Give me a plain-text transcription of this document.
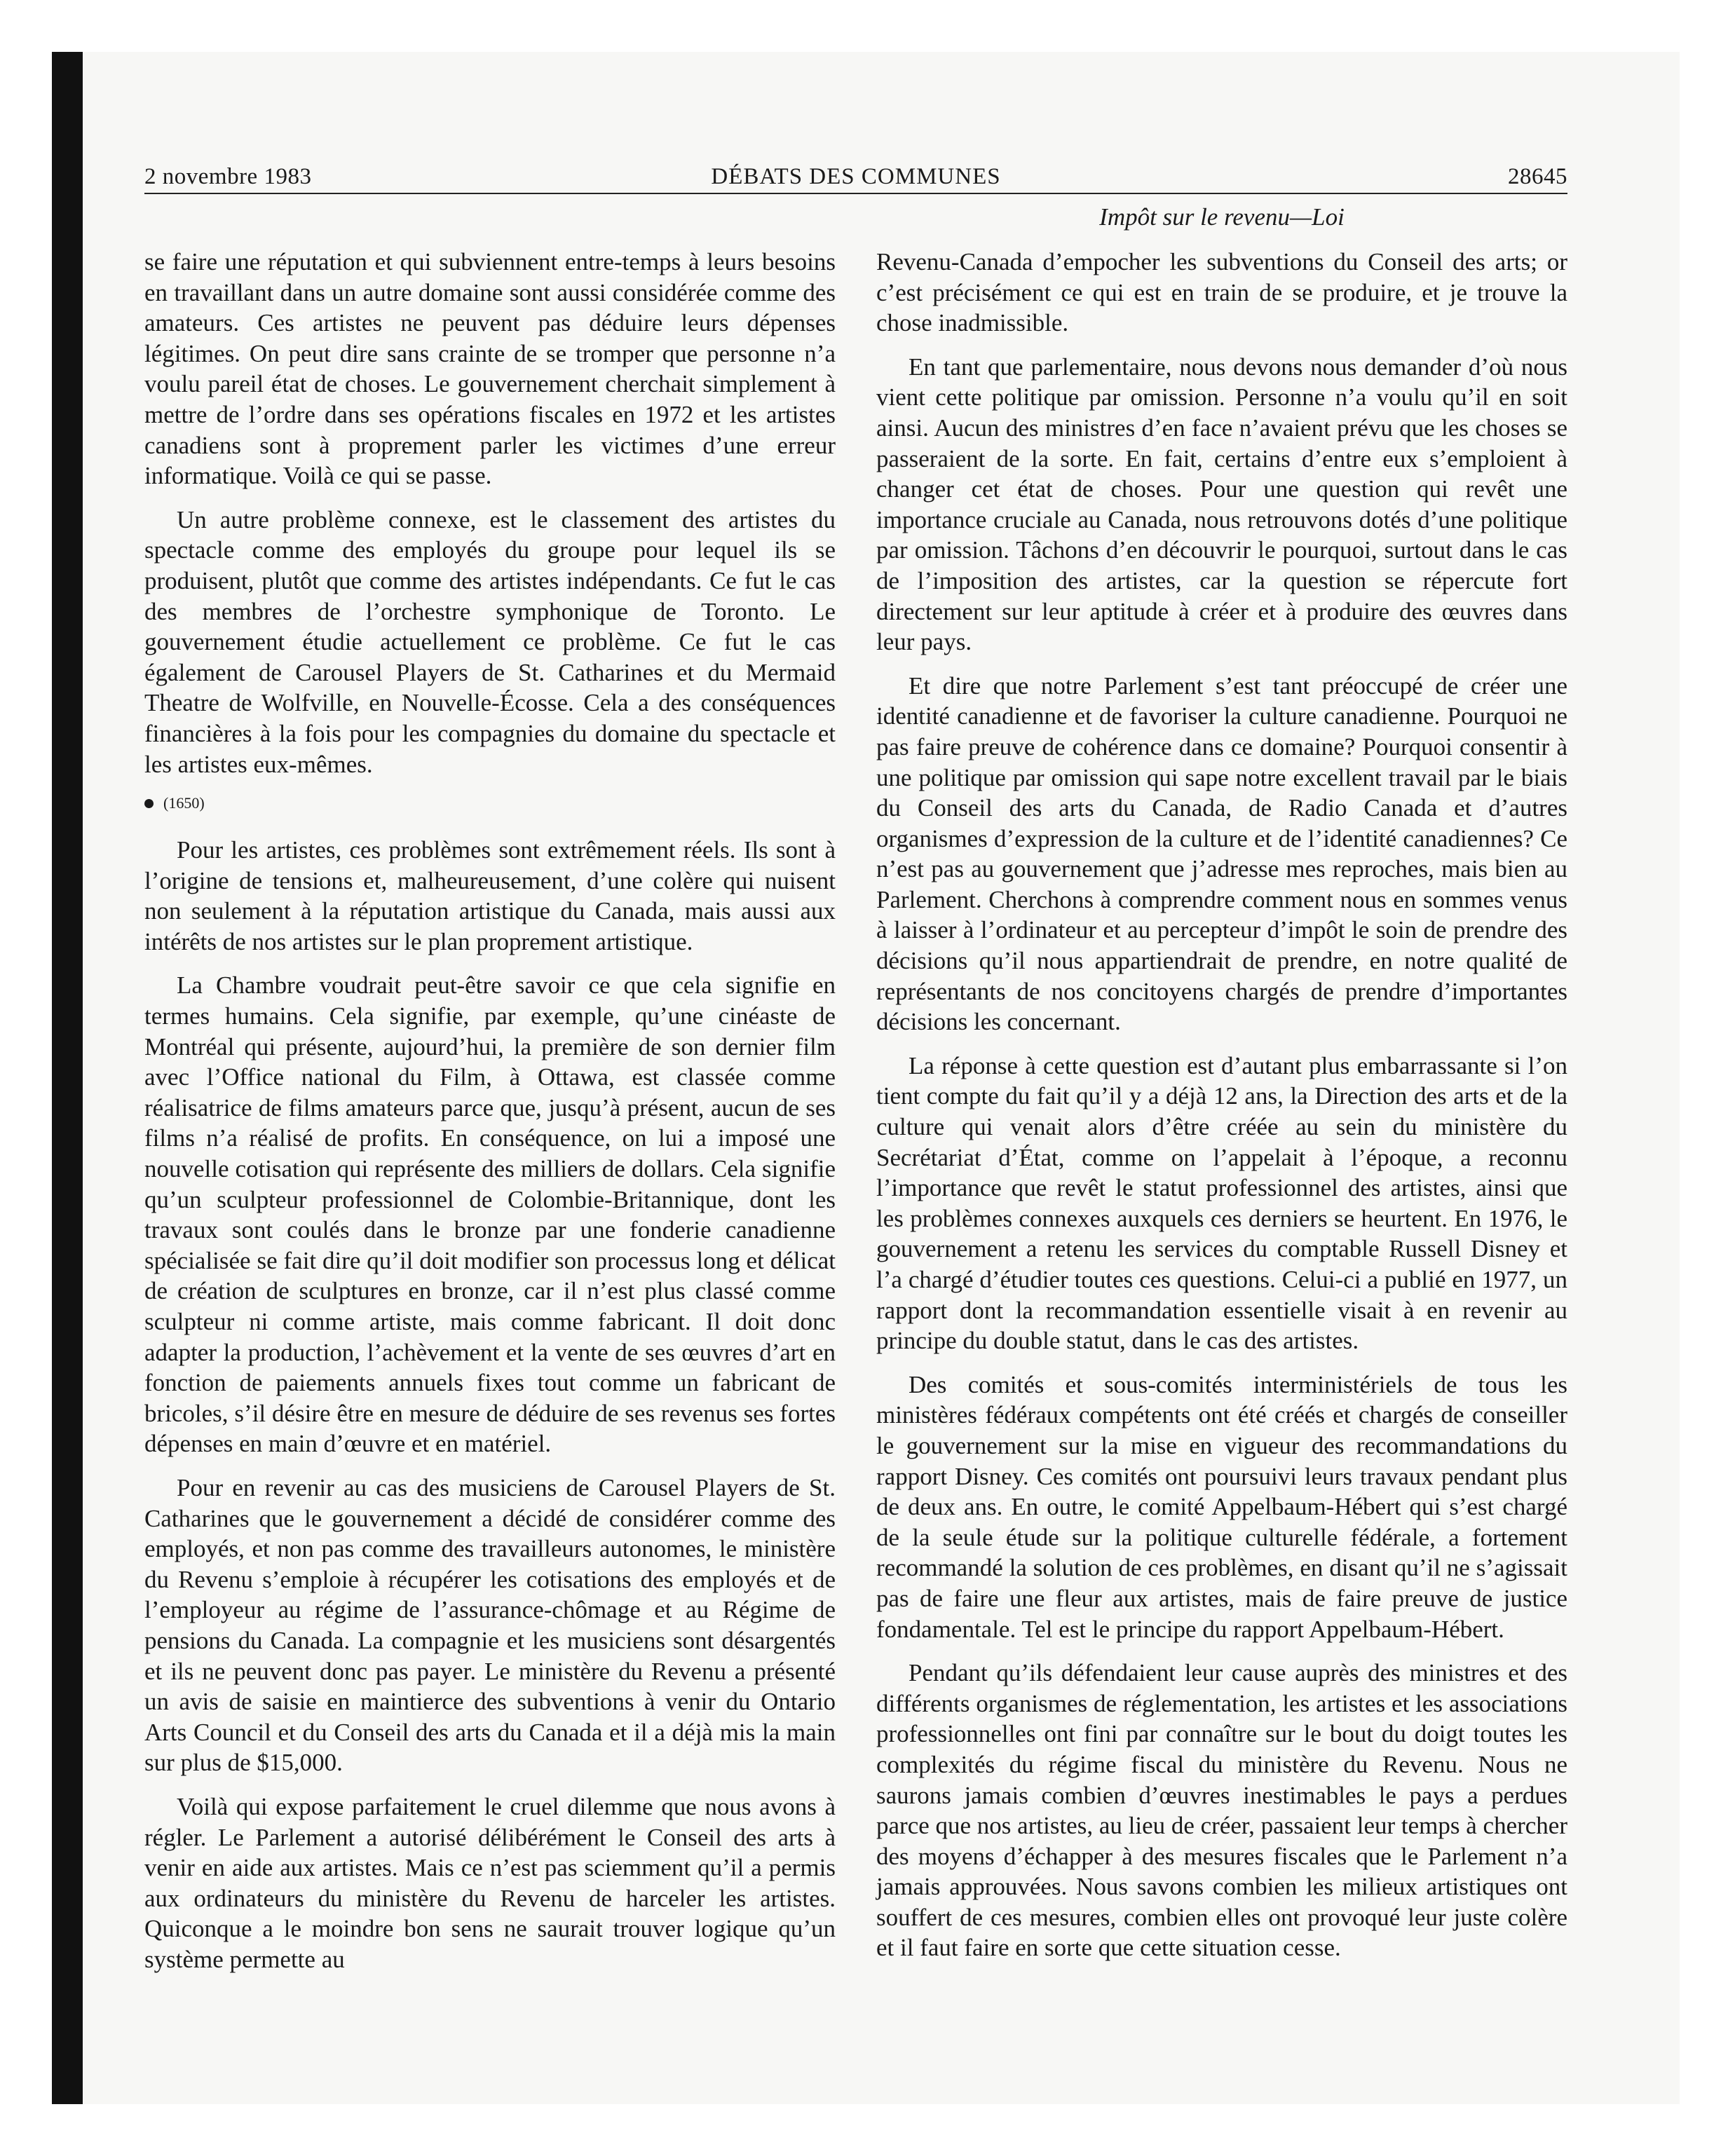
2 novembre 1983	DÉBATS DES COMMUNES	28645
Impôt sur le revenu—Loi

se faire une réputation et qui subviennent entre-temps à leurs besoins en travaillant dans un autre domaine sont aussi considérée comme des amateurs. Ces artistes ne peuvent pas déduire leurs dépenses légitimes. On peut dire sans crainte de se tromper que personne n’a voulu pareil état de choses. Le gouvernement cherchait simplement à mettre de l’ordre dans ses opérations fiscales en 1972 et les artistes canadiens sont à proprement parler les victimes d’une erreur informatique. Voilà ce qui se passe.

Un autre problème connexe, est le classement des artistes du spectacle comme des employés du groupe pour lequel ils se produisent, plutôt que comme des artistes indépendants. Ce fut le cas des membres de l’orchestre symphonique de Toronto. Le gouvernement étudie actuellement ce problème. Ce fut le cas également de Carousel Players de St. Catharines et du Mermaid Theatre de Wolfville, en Nouvelle-Écosse. Cela a des conséquences financières à la fois pour les compagnies du domaine du spectacle et les artistes eux-mêmes.

(1650)

Pour les artistes, ces problèmes sont extrêmement réels. Ils sont à l’origine de tensions et, malheureusement, d’une colère qui nuisent non seulement à la réputation artistique du Canada, mais aussi aux intérêts de nos artistes sur le plan proprement artistique.

La Chambre voudrait peut-être savoir ce que cela signifie en termes humains. Cela signifie, par exemple, qu’une cinéaste de Montréal qui présente, aujourd’hui, la première de son dernier film avec l’Office national du Film, à Ottawa, est classée comme réalisatrice de films amateurs parce que, jusqu’à présent, aucun de ses films n’a réalisé de profits. En conséquence, on lui a imposé une nouvelle cotisation qui représente des milliers de dollars. Cela signifie qu’un sculpteur professionnel de Colombie-Britannique, dont les travaux sont coulés dans le bronze par une fonderie canadienne spécialisée se fait dire qu’il doit modifier son processus long et délicat de création de sculptures en bronze, car il n’est plus classé comme sculpteur ni comme artiste, mais comme fabricant. Il doit donc adapter la production, l’achèvement et la vente de ses œuvres d’art en fonction de paiements annuels fixes tout comme un fabricant de bricoles, s’il désire être en mesure de déduire de ses revenus ses fortes dépenses en main d’œuvre et en matériel.

Pour en revenir au cas des musiciens de Carousel Players de St. Catharines que le gouvernement a décidé de considérer comme des employés, et non pas comme des travailleurs autonomes, le ministère du Revenu s’emploie à récupérer les cotisations des employés et de l’employeur au régime de l’assurance-chômage et au Régime de pensions du Canada. La compagnie et les musiciens sont désargentés et ils ne peuvent donc pas payer. Le ministère du Revenu a présenté un avis de saisie en maintierce des subventions à venir du Ontario Arts Council et du Conseil des arts du Canada et il a déjà mis la main sur plus de $15,000.

Voilà qui expose parfaitement le cruel dilemme que nous avons à régler. Le Parlement a autorisé délibérément le Conseil des arts à venir en aide aux artistes. Mais ce n’est pas sciemment qu’il a permis aux ordinateurs du ministère du Revenu de harceler les artistes. Quiconque a le moindre bon sens ne saurait trouver logique qu’un système permette au

Revenu-Canada d’empocher les subventions du Conseil des arts; or c’est précisément ce qui est en train de se produire, et je trouve la chose inadmissible.

En tant que parlementaire, nous devons nous demander d’où nous vient cette politique par omission. Personne n’a voulu qu’il en soit ainsi. Aucun des ministres d’en face n’avaient prévu que les choses se passeraient de la sorte. En fait, certains d’entre eux s’emploient à changer cet état de choses. Pour une question qui revêt une importance cruciale au Canada, nous retrouvons dotés d’une politique par omission. Tâchons d’en découvrir le pourquoi, surtout dans le cas de l’imposition des artistes, car la question se répercute fort directement sur leur aptitude à créer et à produire des œuvres dans leur pays.

Et dire que notre Parlement s’est tant préoccupé de créer une identité canadienne et de favoriser la culture canadienne. Pourquoi ne pas faire preuve de cohérence dans ce domaine? Pourquoi consentir à une politique par omission qui sape notre excellent travail par le biais du Conseil des arts du Canada, de Radio Canada et d’autres organismes d’expression de la culture et de l’identité canadiennes? Ce n’est pas au gouvernement que j’adresse mes reproches, mais bien au Parlement. Cherchons à comprendre comment nous en sommes venus à laisser à l’ordinateur et au percepteur d’impôt le soin de prendre des décisions qu’il nous appartiendrait de prendre, en notre qualité de représentants de nos concitoyens chargés de prendre d’importantes décisions les concernant.

La réponse à cette question est d’autant plus embarrassante si l’on tient compte du fait qu’il y a déjà 12 ans, la Direction des arts et de la culture qui venait alors d’être créée au sein du ministère du Secrétariat d’État, comme on l’appelait à l’époque, a reconnu l’importance que revêt le statut professionnel des artistes, ainsi que les problèmes connexes auxquels ces derniers se heurtent. En 1976, le gouvernement a retenu les services du comptable Russell Disney et l’a chargé d’étudier toutes ces questions. Celui-ci a publié en 1977, un rapport dont la recommandation essentielle visait à en revenir au principe du double statut, dans le cas des artistes.

Des comités et sous-comités interministériels de tous les ministères fédéraux compétents ont été créés et chargés de conseiller le gouvernement sur la mise en vigueur des recommandations du rapport Disney. Ces comités ont poursuivi leurs travaux pendant plus de deux ans. En outre, le comité Appelbaum-Hébert qui s’est chargé de la seule étude sur la politique culturelle fédérale, a fortement recommandé la solution de ces problèmes, en disant qu’il ne s’agissait pas de faire une fleur aux artistes, mais de faire preuve de justice fondamentale. Tel est le principe du rapport Appelbaum-Hébert.

Pendant qu’ils défendaient leur cause auprès des ministres et des différents organismes de réglementation, les artistes et les associations professionnelles ont fini par connaître sur le bout du doigt toutes les complexités du régime fiscal du ministère du Revenu. Nous ne saurons jamais combien d’œuvres inestimables le pays a perdues parce que nos artistes, au lieu de créer, passaient leur temps à chercher des moyens d’échapper à des mesures fiscales que le Parlement n’a jamais approuvées. Nous savons combien les milieux artistiques ont souffert de ces mesures, combien elles ont provoqué leur juste colère et il faut faire en sorte que cette situation cesse.
